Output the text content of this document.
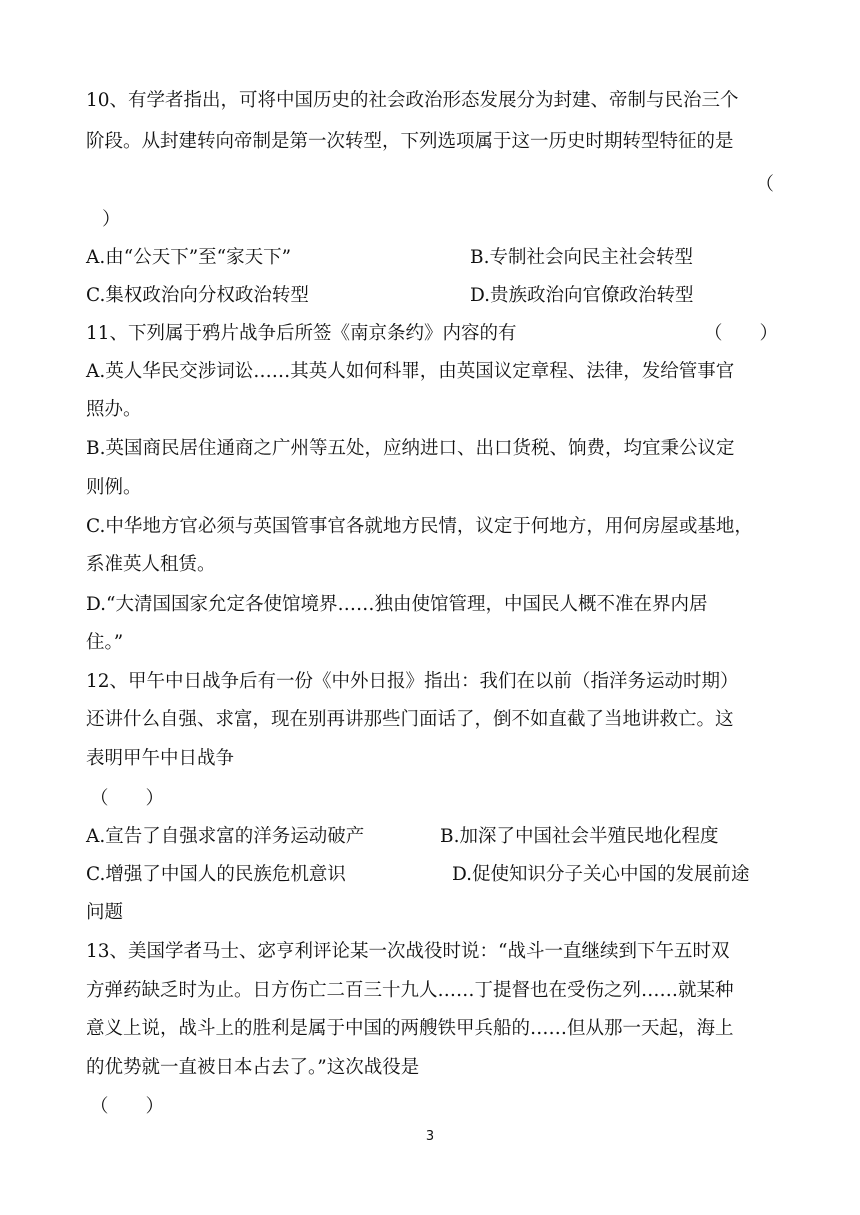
10、有学者指出，可将中国历史的社会政治形态发展分为封建、帝制与民治三个
阶段。从封建转向帝制是第一次转型，下列选项属于这一历史时期转型特征的是
（
）
A.由“公天下”至“家天下”	B.专制社会向民主社会转型
C.集权政治向分权政治转型	D.贵族政治向官僚政治转型
11、下列属于鸦片战争后所签《南京条约》内容的有	（　　）
A.英人华民交涉词讼……其英人如何科罪，由英国议定章程、法律，发给管事官
照办。
B.英国商民居住通商之广州等五处，应纳进口、出口货税、饷费，均宜秉公议定
则例。
C.中华地方官必须与英国管事官各就地方民情，议定于何地方，用何房屋或基地，
系准英人租赁。
D.“大清国国家允定各使馆境界……独由使馆管理，中国民人概不准在界内居
住。”
12、甲午中日战争后有一份《中外日报》指出：我们在以前（指洋务运动时期）
还讲什么自强、求富，现在别再讲那些门面话了，倒不如直截了当地讲救亡。这
表明甲午中日战争
（　　）
A.宣告了自强求富的洋务运动破产	B.加深了中国社会半殖民地化程度
C.增强了中国人的民族危机意识	D.促使知识分子关心中国的发展前途
问题
13、美国学者马士、宓亨利评论某一次战役时说：“战斗一直继续到下午五时双
方弹药缺乏时为止。日方伤亡二百三十九人……丁提督也在受伤之列……就某种
意义上说，战斗上的胜利是属于中国的两艘铁甲兵船的……但从那一天起，海上
的优势就一直被日本占去了。”这次战役是
（　　）
3
